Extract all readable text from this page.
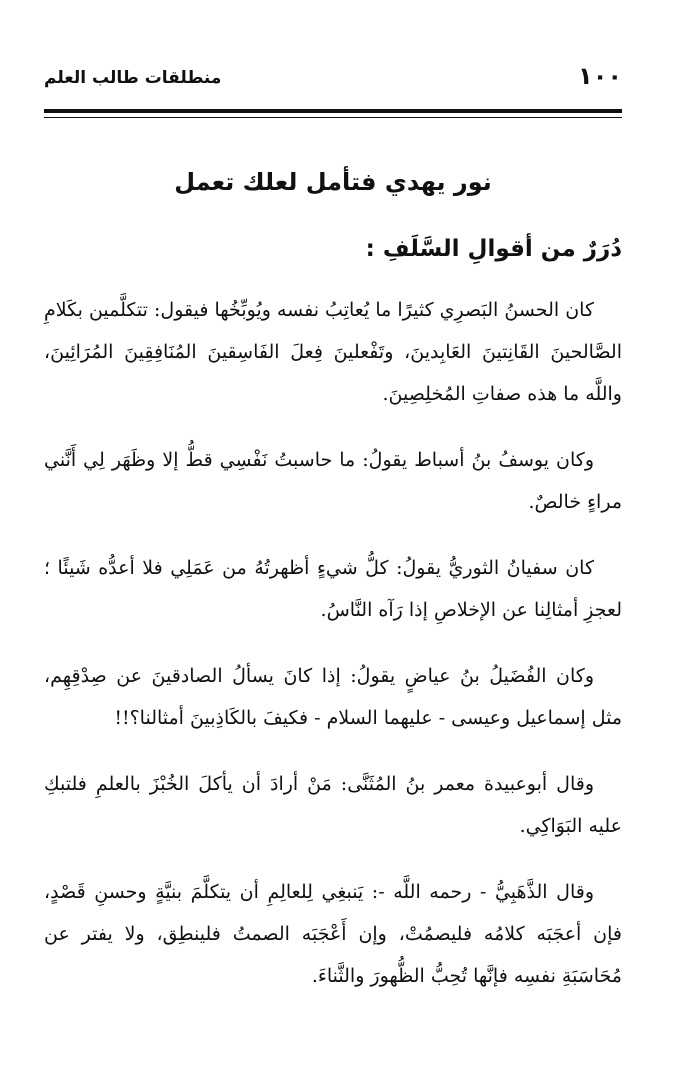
منطلقات طالب العلم	١٠٠
نور يهدي فتأمل لعلك تعمل
دُرَرٌ من أقوالِ السَّلَفِ :

كان الحسنُ البَصرِي كثيرًا ما يُعاتِبُ نفسه ويُوبِّخُها فيقول: تتكلَّمين بكَلامِ الصَّالحينَ القَانِتينَ العَابِدينَ، وتَفْعلينَ فِعلَ الفَاسِقينَ المُنَافِقِينَ المُرَائِينَ، واللَّه ما هذه صفاتِ المُخلِصِينَ.

وكان يوسفُ بنُ أسباط يقولُ: ما حاسبتُ نَفْسِي قطُّ إلا وظَهَر لِي أَنَّني مراءٍ خالصٌ.

كان سفيانُ الثوريُّ يقولُ: كلُّ شيءٍ أظهرتُهُ من عَمَلِي فلا أعدُّه شَيئًا ؛ لعجزِ أمثالِنا عن الإخلاصِ إذا رَآه النَّاسُ.

وكان الفُضَيلُ بنُ عياضٍ يقولُ: إذا كانَ يسألُ الصادقينَ عن صِدْقِهِم، مثل إسماعيل وعيسى - عليهما السلام - فكيفَ بالكَاذِبينَ أمثالنا؟!!

وقال أبوعبيدة معمر بنُ المُثَنَّى: مَنْ أرادَ أن يأكلَ الخُبْزَ بالعلمِ فلتبكِ عليه البَوَاكِي.

وقال الذَّهَبِيُّ - رحمه اللَّه -: يَنبغِي لِلعالِمِ أن يتكلَّمَ بنيَّةٍ وحسنِ قَصْدٍ، فإن أعجَبَه كلامُه فليصمُتْ، وإن أَعْجَبَه الصمتُ فلينطِق، ولا يفتر عن مُحَاسَبَةِ نفسِه فإنَّها تُحِبُّ الظُّهورَ والثَّناءَ.
